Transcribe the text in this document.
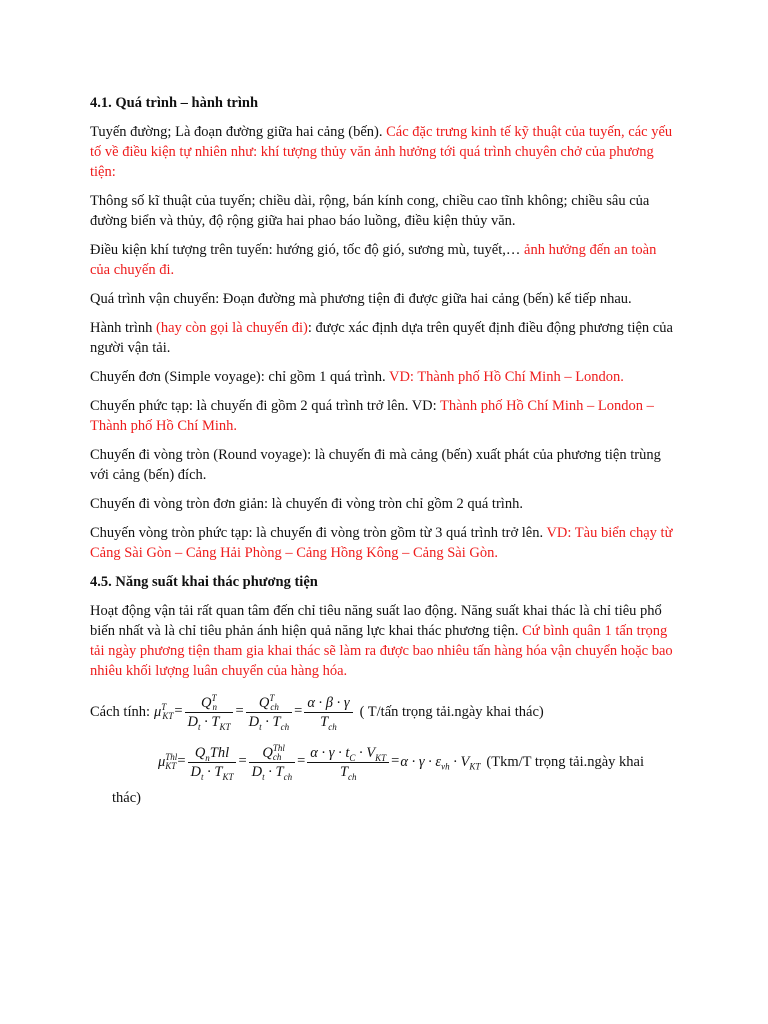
4.1. Quá trình – hành trình

Tuyến đường; Là đoạn đường giữa hai cảng (bến). Các đặc trưng kinh tế kỹ thuật của tuyến, các yếu tố về điều kiện tự nhiên như: khí tượng thủy văn ảnh hưởng tới quá trình chuyên chở của phương tiện:

Thông số kĩ thuật của tuyến; chiều dài, rộng, bán kính cong, chiều cao tĩnh không; chiều sâu của đường biển và thủy, độ rộng giữa hai phao báo luồng, điều kiện thủy văn.

Điều kiện khí tượng trên tuyến: hướng gió, tốc độ gió, sương mù, tuyết,… ảnh hưởng đến an toàn của chuyến đi.

Quá trình vận chuyển: Đoạn đường mà phương tiện đi được giữa hai cảng (bến) kế tiếp nhau.

Hành trình (hay còn gọi là chuyến đi): được xác định dựa trên quyết định điều động phương tiện của người vận tải.

Chuyến đơn (Simple voyage): chỉ gồm 1 quá trình. VD: Thành phố Hồ Chí Minh – London.

Chuyến phức tạp: là chuyến đi gồm 2 quá trình trở lên. VD: Thành phố Hồ Chí Minh – London – Thành phố Hồ Chí Minh.

Chuyến đi vòng tròn (Round voyage): là chuyến đi mà cảng (bến) xuất phát của phương tiện trùng với cảng (bến) đích.

Chuyến đi vòng tròn đơn giản: là chuyến đi vòng tròn chỉ gồm 2 quá trình.

Chuyến vòng tròn phức tạp: là chuyến đi vòng tròn gồm từ 3 quá trình trở lên. VD: Tàu biển chạy từ Cảng Sài Gòn – Cảng Hải Phòng – Cảng Hồng Kông – Cảng Sài Gòn.

4.5. Năng suất khai thác phương tiện

Hoạt động vận tải rất quan tâm đến chỉ tiêu năng suất lao động. Năng suất khai thác là chỉ tiêu phổ biến nhất và là chỉ tiêu phản ánh hiện quả năng lực khai thác phương tiện. Cứ bình quân 1 tấn trọng tải ngày phương tiện tham gia khai thác sẽ làm ra được bao nhiêu tấn hàng hóa vận chuyển hoặc bao nhiêu khối lượng luân chuyển của hàng hóa.

Cách tính: $\mu^T_{KT}= \frac{Q^T_n}{D_t \cdot T_{KT}} = \frac{Q^T_{ch}}{D_t \cdot T_{ch}} = \frac{\alpha \cdot \beta \cdot \gamma}{T_{ch}}$ ( T/tấn trọng tải.ngày khai thác)
$\mu^{Thl}_{KT}= \frac{Q_nThl}{D_t \cdot T_{KT}} = \frac{Q^{Thl}_{ch}}{D_t \cdot T_{ch}} = \frac{\alpha \cdot \gamma \cdot t_C \cdot V_{KT}}{T_{ch}} =\alpha \cdot \gamma \cdot \varepsilon_{vh} \cdot V_{KT}$ (Tkm/T trọng tải.ngày khai
thác)
